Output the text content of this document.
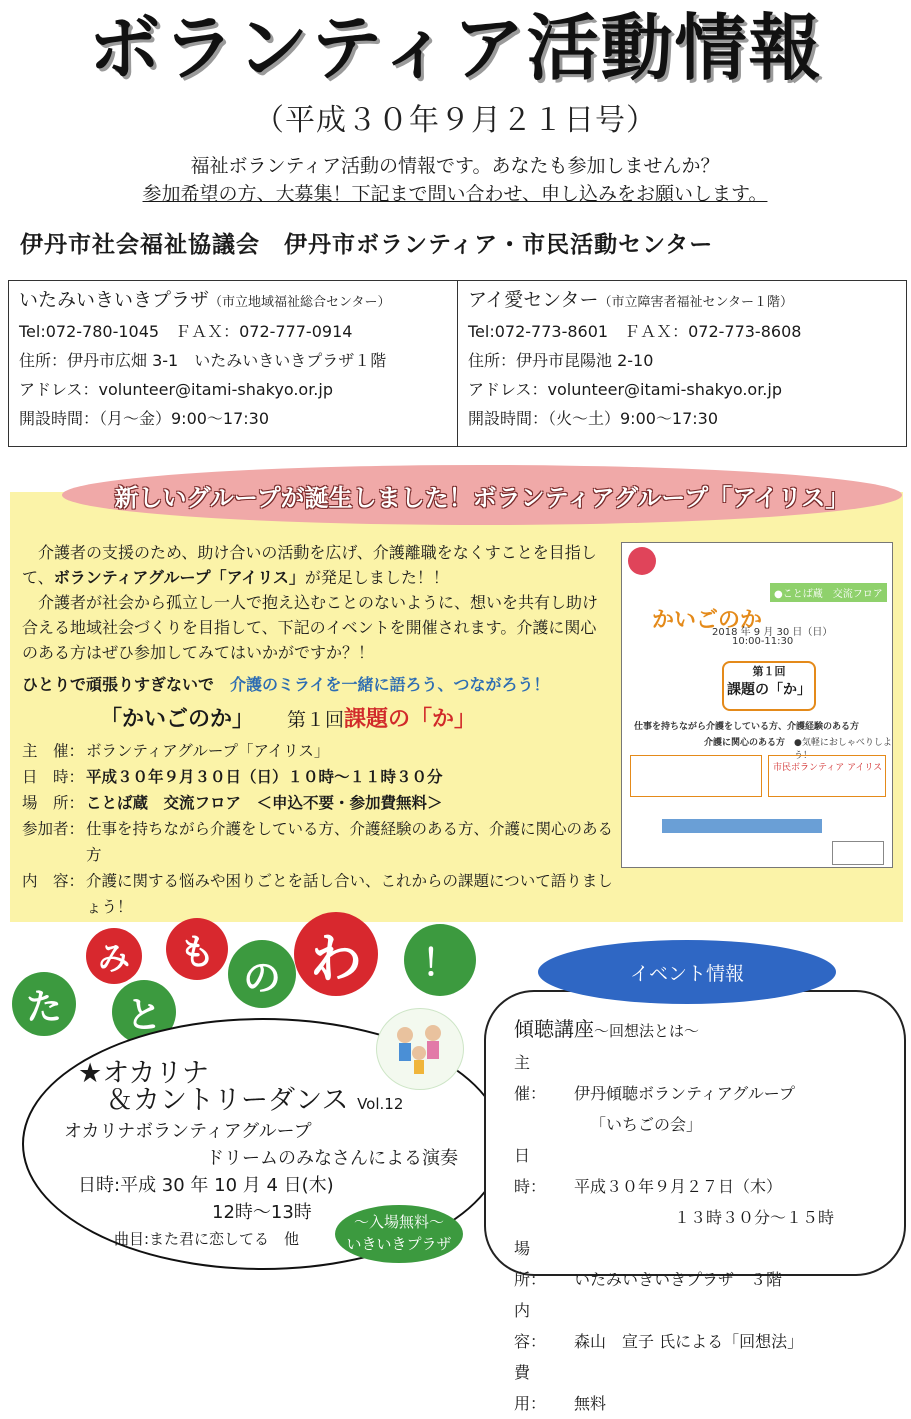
ボランティア活動情報
（平成３０年９月２１日号）
福祉ボランティア活動の情報です。あなたも参加しませんか？
参加希望の方、大募集！下記まで問い合わせ、申し込みをお願いします。
伊丹市社会福祉協議会　伊丹市ボランティア・市民活動センター
いたみいきいきプラザ（市立地域福祉総合センター）
Tel:072-780-1045　ＦＡＸ：072-777-0914
住所：伊丹市広畑 3-1　いたみいきいきプラザ１階
アドレス：volunteer@itami-shakyo.or.jp
開設時間：（月～金）9:00～17:30
アイ愛センター（市立障害者福祉センター１階）
Tel:072-773-8601　ＦＡＸ：072-773-8608
住所：伊丹市昆陽池 2-10
アドレス：volunteer@itami-shakyo.or.jp
開設時間：（火～土）9:00～17:30
新しいグループが誕生しました！ボランティアグループ「アイリス」
介護者の支援のため、助け合いの活動を広げ、介護離職をなくすことを目指して、ボランティアグループ「アイリス」が発足しました！！
介護者が社会から孤立し一人で抱え込むことのないように、想いを共有し助け合える地域社会づくりを目指して、下記のイベントを開催されます。介護に関心のある方はぜひ参加してみてはいかがですか？！
ひとりで頑張りすぎないで　 介護のミライを一緒に語ろう、つながろう！
「かいごのか」　　 第１回課題の「か」
主　催： ボランティアグループ「アイリス」
日　時： 平成３０年９月３０日（日）１０時～１１時３０分
場　所： ことば蔵　交流フロア　＜申込不要・参加費無料＞
参加者： 仕事を持ちながら介護をしている方、介護経験のある方、介護に関心のある方
内　容： 介護に関する悩みや困りごとを話し合い、これからの課題について語りましょう！
●ことば蔵　交流フロア
かいごのか
2018 年 9 月 30 日（日）
10:00-11:30
第１回
課題の「か」
仕事を持ちながら介護をしている方、介護経験のある方
介護に関心のある方 ●気軽におしゃべりしよう！
市民ボランティア アイリス
た
み
と
も
の わ	！
★オカリナ
＆カントリーダンス Vol.12
オカリナボランティアグループ
ドリームのみなさんによる演奏
日時:平成 30 年 10 月 4 日(木)
12時～13時
曲目:また君に恋してる　他
～入場無料～
いきいきプラザ
イベント情報
傾聴講座～回想法とは～
主　催： 伊丹傾聴ボランティアグループ
「いちごの会」
日　時： 平成３０年９月２７日（木）
１３時３０分～１５時
場　所： いたみいきいきプラザ　３階
内　容： 森山　宣子 氏による「回想法」
費　用： 無料
